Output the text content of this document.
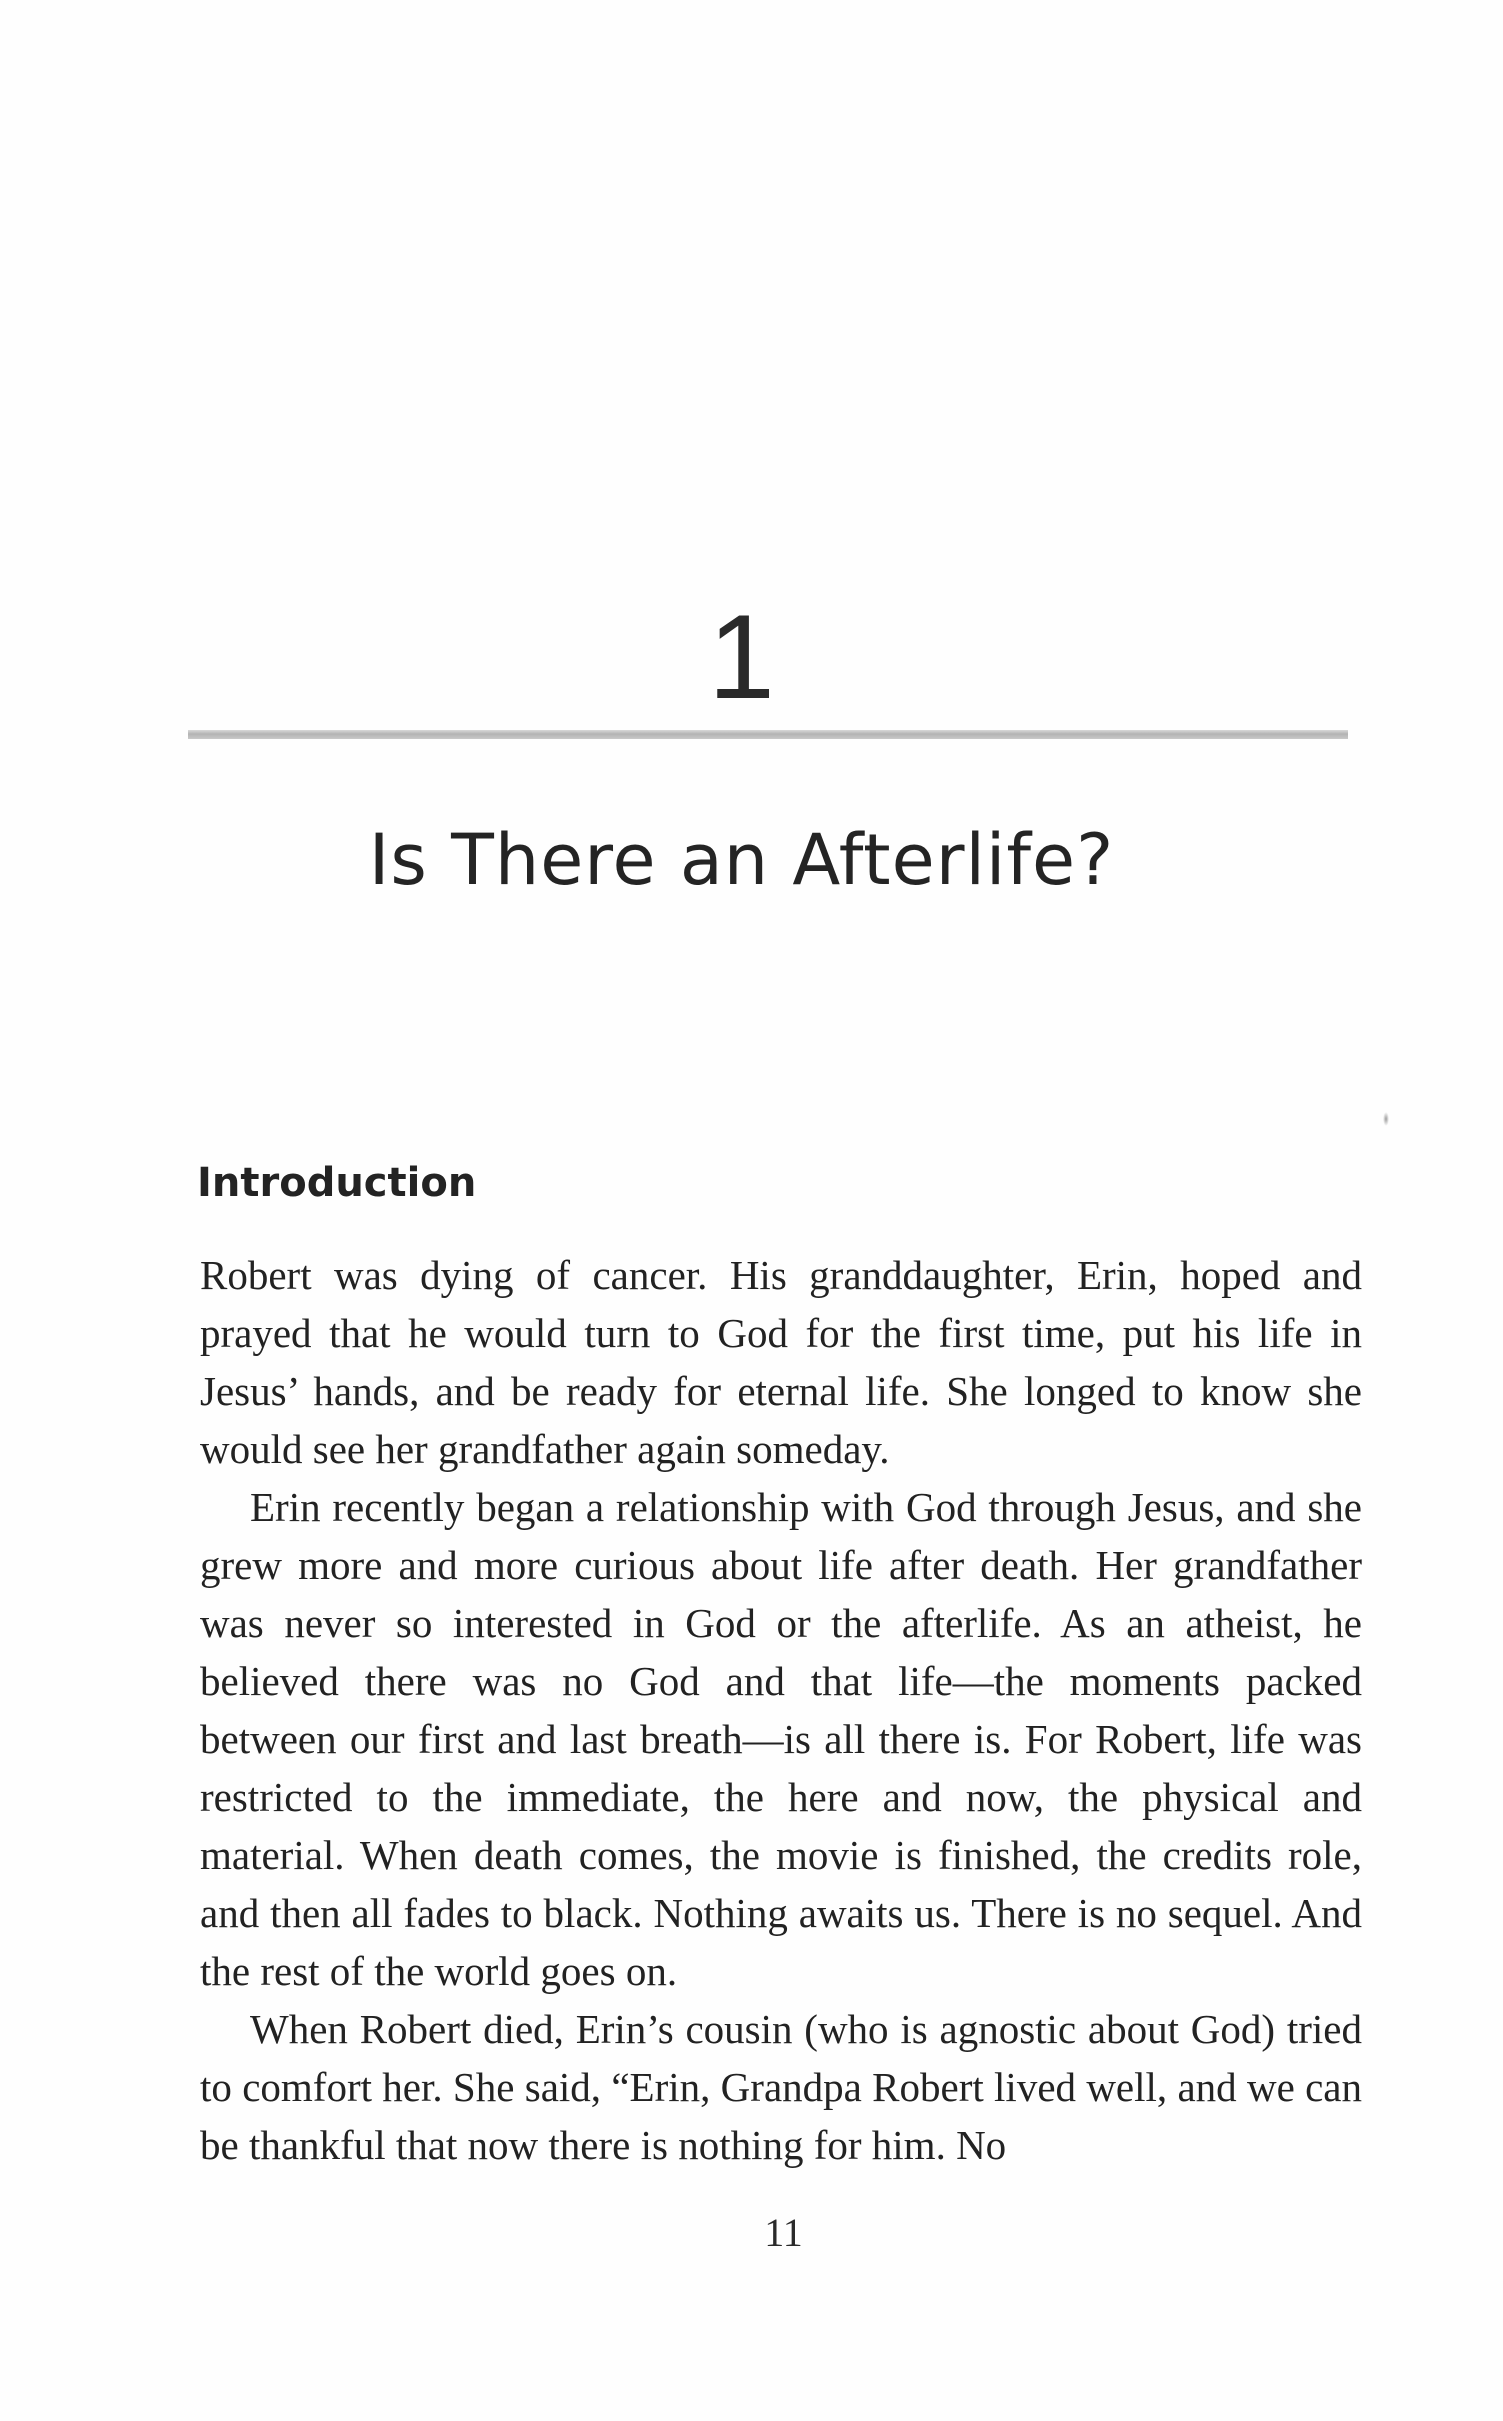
1
Is There an Afterlife?
Introduction

Robert was dying of cancer. His granddaughter, Erin, hoped and prayed that he would turn to God for the first time, put his life in Jesus’ hands, and be ready for eternal life. She longed to know she would see her grandfather again someday.

Erin recently began a relationship with God through Jesus, and she grew more and more curious about life after death. Her grandfather was never so interested in God or the afterlife. As an atheist, he believed there was no God and that life—the moments packed between our first and last breath—is all there is. For Robert, life was restricted to the immediate, the here and now, the physical and material. When death comes, the movie is finished, the credits role, and then all fades to black. Nothing awaits us. There is no sequel. And the rest of the world goes on.

When Robert died, Erin’s cousin (who is agnostic about God) tried to comfort her. She said, “Erin, Grandpa Robert lived well, and we can be thankful that now there is nothing for him. No

11
